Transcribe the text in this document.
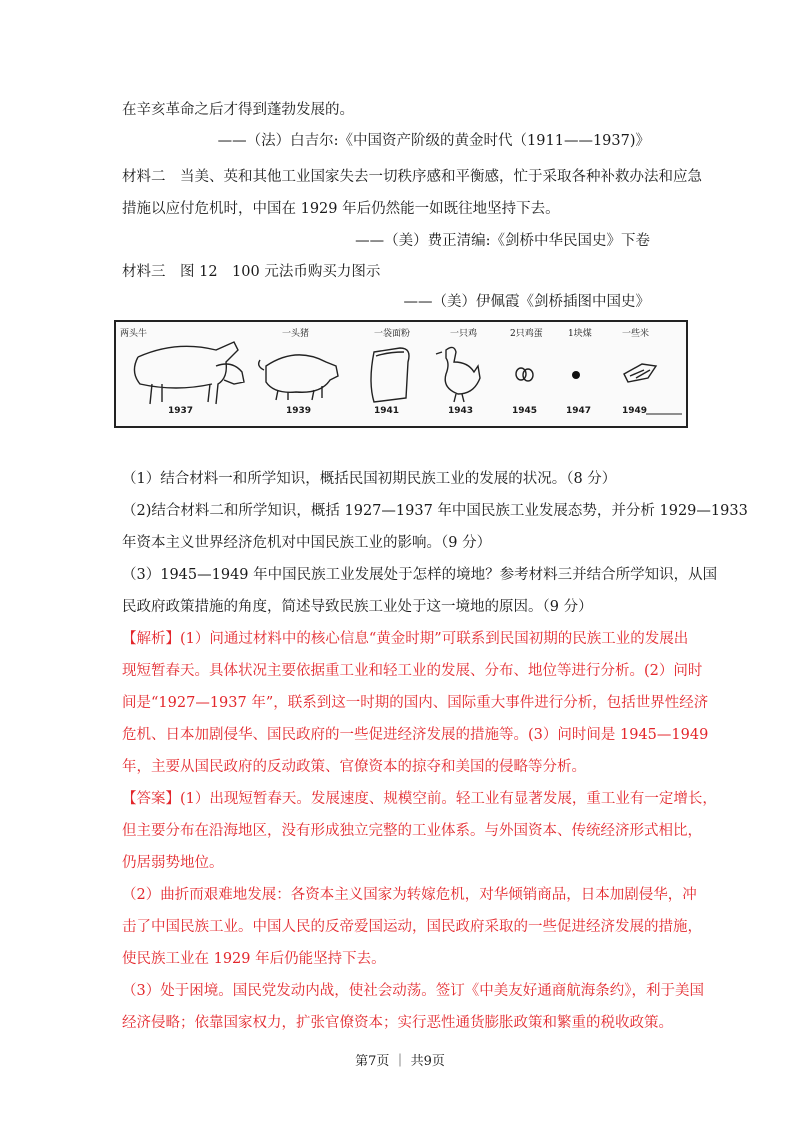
在辛亥革命之后才得到蓬勃发展的。
——（法）白吉尔:《中国资产阶级的黄金时代（1911——1937)》
材料二　当美、英和其他工业国家失去一切秩序感和平衡感，忙于采取各种补救办法和应急
措施以应付危机时，中国在 1929 年后仍然能一如既往地坚持下去。
——（美）费正清编:《剑桥中华民国史》下卷
材料三　图 12　100 元法币购买力图示
——（美）伊佩霞《剑桥插图中国史》
两头牛	一头猪	一袋面粉	一只鸡	2只鸡蛋	1块煤	一些米
1937	1939	1941	1943	1945	1947	1949
（1）结合材料一和所学知识，概括民国初期民族工业的发展的状况。（8 分）
（2)结合材料二和所学知识，概括 1927—1937 年中国民族工业发展态势，并分析 1929—1933
年资本主义世界经济危机对中国民族工业的影响。（9 分）
（3）1945—1949 年中国民族工业发展处于怎样的境地？参考材料三并结合所学知识，从国
民政府政策措施的角度，简述导致民族工业处于这一境地的原因。（9 分）
【解析】(1）问通过材料中的核心信息“黄金时期”可联系到民国初期的民族工业的发展出
现短暂春天。具体状况主要依据重工业和轻工业的发展、分布、地位等进行分析。(2）问时
间是“1927—1937 年”，联系到这一时期的国内、国际重大事件进行分析，包括世界性经济
危机、日本加剧侵华、国民政府的一些促进经济发展的措施等。(3）问时间是 1945—1949
年，主要从国民政府的反动政策、官僚资本的掠夺和美国的侵略等分析。
【答案】(1）出现短暂春天。发展速度、规模空前。轻工业有显著发展，重工业有一定增长，
但主要分布在沿海地区，没有形成独立完整的工业体系。与外国资本、传统经济形式相比，
仍居弱势地位。
（2）曲折而艰难地发展：各资本主义国家为转嫁危机，对华倾销商品，日本加剧侵华，冲
击了中国民族工业。中国人民的反帝爱国运动，国民政府采取的一些促进经济发展的措施，
使民族工业在 1929 年后仍能坚持下去。
（3）处于困境。国民党发动内战，使社会动荡。签订《中美友好通商航海条约》，利于美国
经济侵略；依靠国家权力，扩张官僚资本；实行恶性通货膨胀政策和繁重的税收政策。
第7页 ｜ 共9页
